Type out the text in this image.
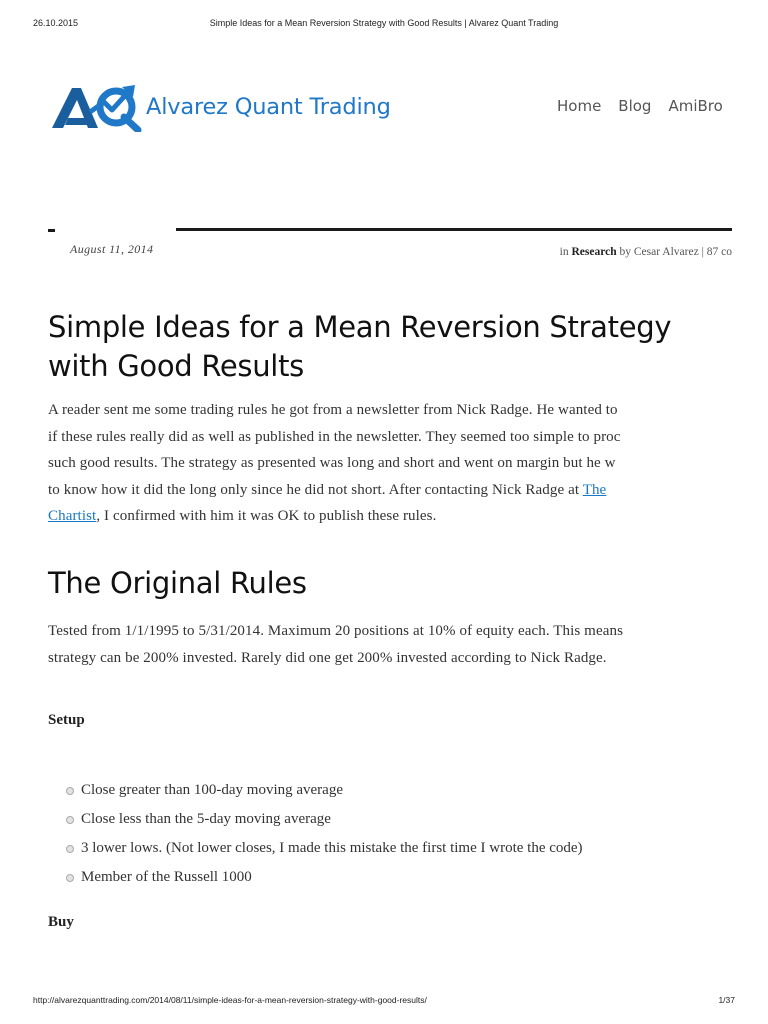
26.10.2015	Simple Ideas for a Mean Reversion Strategy with Good Results | Alvarez Quant Trading
Alvarez Quant Trading	Home Blog AmiBro
August 11, 2014	in Research by Cesar Alvarez | 87 co
Simple Ideas for a Mean Reversion Strategy
with Good Results

A reader sent me some trading rules he got from a newsletter from Nick Radge. He wanted to
if these rules really did as well as published in the newsletter. They seemed too simple to proc
such good results. The strategy as presented was long and short and went on margin but he w
to know how it did the long only since he did not short. After contacting Nick Radge at The
Chartist, I confirmed with him it was OK to publish these rules.

The Original Rules

Tested from 1/1/1995 to 5/31/2014. Maximum 20 positions at 10% of equity each. This means
strategy can be 200% invested. Rarely did one get 200% invested according to Nick Radge.

Setup
Close greater than 100-day moving average
Close less than the 5-day moving average
3 lower lows. (Not lower closes, I made this mistake the first time I wrote the code)
Member of the Russell 1000
Buy
http://alvarezquanttrading.com/2014/08/11/simple-ideas-for-a-mean-reversion-strategy-with-good-results/	1/37
